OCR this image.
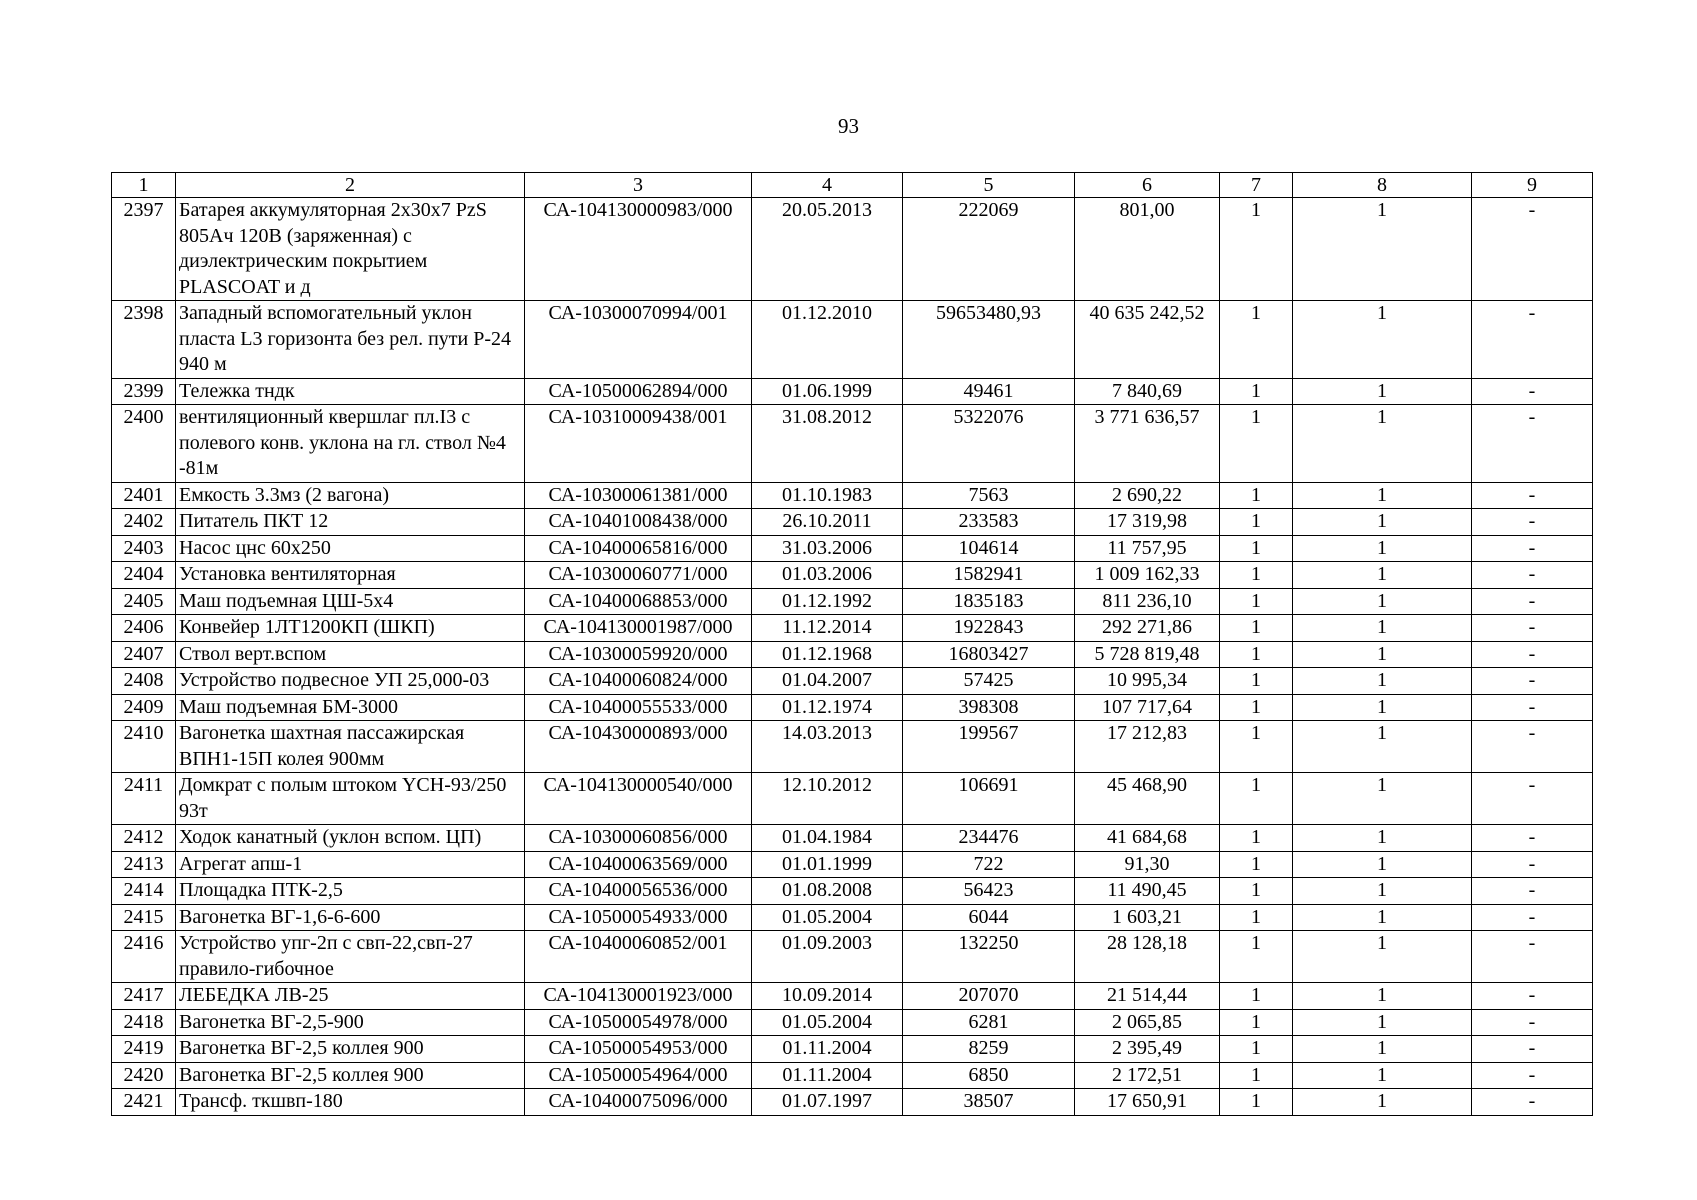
93
1	2	3	4	5	6	7	8	9
2397	Батарея аккумуляторная 2х30х7 PzS 805Ач 120В (заряженная) с диэлектрическим покрытием PLASCOAT и д	СА-104130000983/000	20.05.2013	222069	801,00	1	1	-
2398	Западный вспомогательный уклон пласта L3 горизонта без рел. пути Р-24 940 м	СА-10300070994/001	01.12.2010	59653480,93	40 635 242,52	1	1	-
2399	Тележка тндк	СА-10500062894/000	01.06.1999	49461	7 840,69	1	1	-
2400	вентиляционный квершлаг пл.I3 с полевого конв. уклона на гл. ствол №4 -81м	СА-10310009438/001	31.08.2012	5322076	3 771 636,57	1	1	-
2401	Емкость 3.3мз (2 вагона)	СА-10300061381/000	01.10.1983	7563	2 690,22	1	1	-
2402	Питатель ПКТ 12	СА-10401008438/000	26.10.2011	233583	17 319,98	1	1	-
2403	Насос цнс 60х250	СА-10400065816/000	31.03.2006	104614	11 757,95	1	1	-
2404	Установка вентиляторная	СА-10300060771/000	01.03.2006	1582941	1 009 162,33	1	1	-
2405	Маш подъемная ЦШ-5х4	СА-10400068853/000	01.12.1992	1835183	811 236,10	1	1	-
2406	Конвейер 1ЛТ1200КП (ШКП)	СА-104130001987/000	11.12.2014	1922843	292 271,86	1	1	-
2407	Ствол верт.вспом	СА-10300059920/000	01.12.1968	16803427	5 728 819,48	1	1	-
2408	Устройство подвесное УП 25,000-03	СА-10400060824/000	01.04.2007	57425	10 995,34	1	1	-
2409	Маш подъемная БМ-3000	СА-10400055533/000	01.12.1974	398308	107 717,64	1	1	-
2410	Вагонетка шахтная пассажирская ВПН1-15П колея 900мм	СА-10430000893/000	14.03.2013	199567	17 212,83	1	1	-
2411	Домкрат с полым штоком YCH-93/250 93т	СА-104130000540/000	12.10.2012	106691	45 468,90	1	1	-
2412	Ходок канатный (уклон вспом. ЦП)	СА-10300060856/000	01.04.1984	234476	41 684,68	1	1	-
2413	Агрегат апш-1	СА-10400063569/000	01.01.1999	722	91,30	1	1	-
2414	Площадка ПТК-2,5	СА-10400056536/000	01.08.2008	56423	11 490,45	1	1	-
2415	Вагонетка ВГ-1,6-6-600	СА-10500054933/000	01.05.2004	6044	1 603,21	1	1	-
2416	Устройство упг-2п с свп-22,свп-27 правило-гибочное	СА-10400060852/001	01.09.2003	132250	28 128,18	1	1	-
2417	ЛЕБЕДКА ЛВ-25	СА-104130001923/000	10.09.2014	207070	21 514,44	1	1	-
2418	Вагонетка ВГ-2,5-900	СА-10500054978/000	01.05.2004	6281	2 065,85	1	1	-
2419	Вагонетка ВГ-2,5 коллея 900	СА-10500054953/000	01.11.2004	8259	2 395,49	1	1	-
2420	Вагонетка ВГ-2,5 коллея 900	СА-10500054964/000	01.11.2004	6850	2 172,51	1	1	-
2421	Трансф. ткшвп-180	СА-10400075096/000	01.07.1997	38507	17 650,91	1	1	-
